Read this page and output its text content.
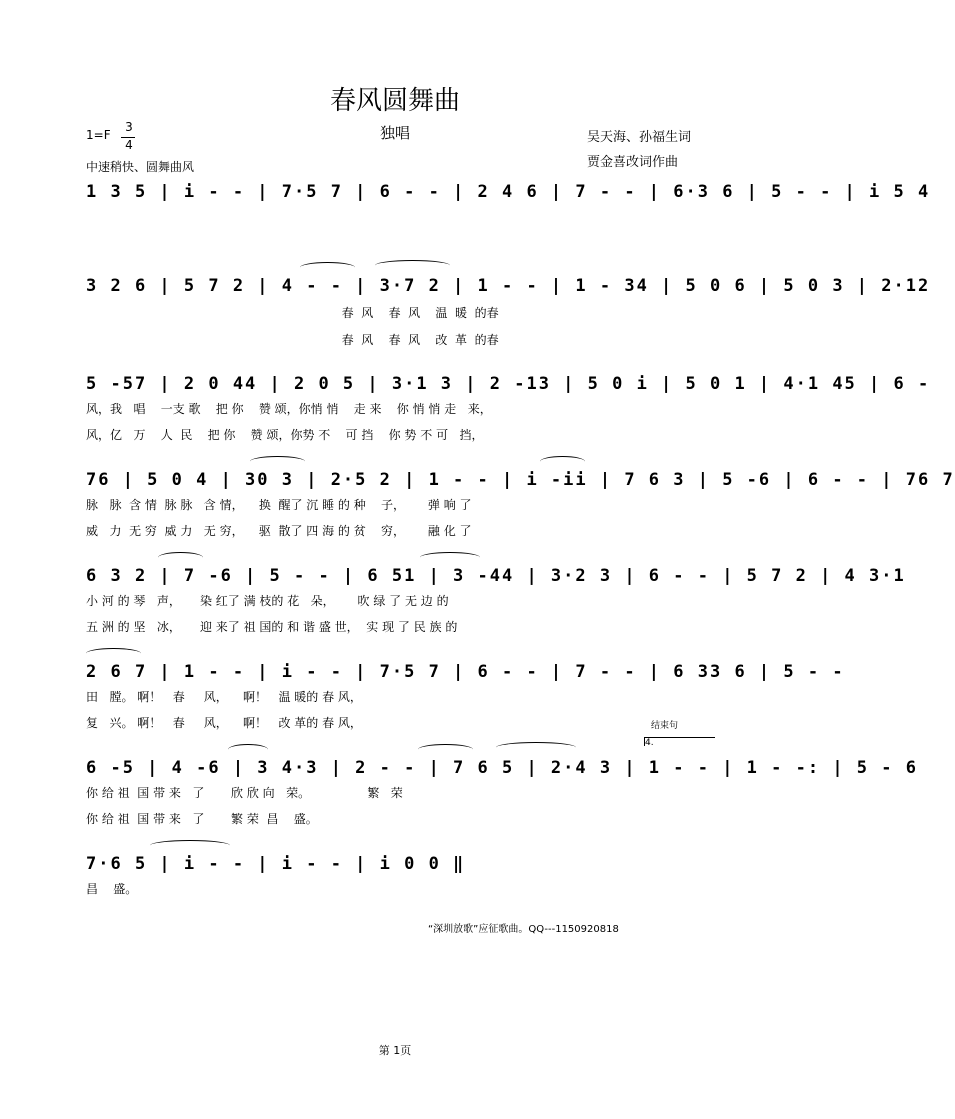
春风圆舞曲
独唱	吴天海、孙福生词
贾金喜改词作曲
1=F
3
4
中速稍快、圆舞曲风
1 3 5 | i - - | 7·5 7 | 6 - - | 2 4 6 | 7 - - | 6·3 6 | 5 - - | i 5 4
3 2 6 | 5 7 2 | 4 - - | 3·7 2 | 1 - - | 1 - 34 | 5 0 6 | 5 0 3 | 2·12
春  风    春  风    温  暖  的春
春  风    春  风    改  革  的春
5 -57 | 2 0 44 | 2 0 5 | 3·1 3 | 2 -13 | 5 0 i | 5 0 1 | 4·1 45 | 6 -
风，我   唱    一支 歌    把 你    赞 颂，你悄 悄    走 来    你 悄 悄 走   来，
风，亿   万    人  民    把 你    赞 颂，你势 不    可 挡    你 势 不 可   挡，
76 | 5 0 4 | 30 3 | 2·5 2 | 1 - - | i -ii | 7 6 3 | 5 -6 | 6 - - | 76 7
脉   脉  含 情  脉 脉   含 情，    换  醒了 沉 睡 的 种    子，      弹 响 了
威   力  无 穷  威 力   无 穷，    驱  散了 四 海 的 贫    穷，      融 化 了
6 3 2 | 7 -6 | 5 - - | 6 51 | 3 -44 | 3·2 3 | 6 - - | 5 7 2 | 4 3·1
小 河 的 琴   声，     染 红了 满 枝的 花   朵，      吹 绿 了 无 边 的
五 洲 的 坚   冰，     迎 来了 祖 国的 和 谐 盛 世，  实 现 了 民 族 的
2 6 7 | 1 - - | i - - | 7·5 7 | 6 - - | 7 - - | 6 33 6 | 5 - -
田   膛。 啊！   春     风，    啊！   温 暖的 春 风，
复   兴。 啊！   春     风，    啊！   改 革的 春 风，	结束句
4.
6 -5 | 4 -6 | 3 4·3 | 2 - - | 7 6 5 | 2·4 3 | 1 - - | 1 - -: | 5 - 6
你 给 祖  国 带 来   了       欣 欣 向   荣。               繁   荣
你 给 祖  国 带 来   了       繁 荣  昌    盛。
7·6 5 | i - - | i - - | i 0 0 ‖
昌    盛。
“深圳放歌”应征歌曲。QQ---1150920818
第 1页
